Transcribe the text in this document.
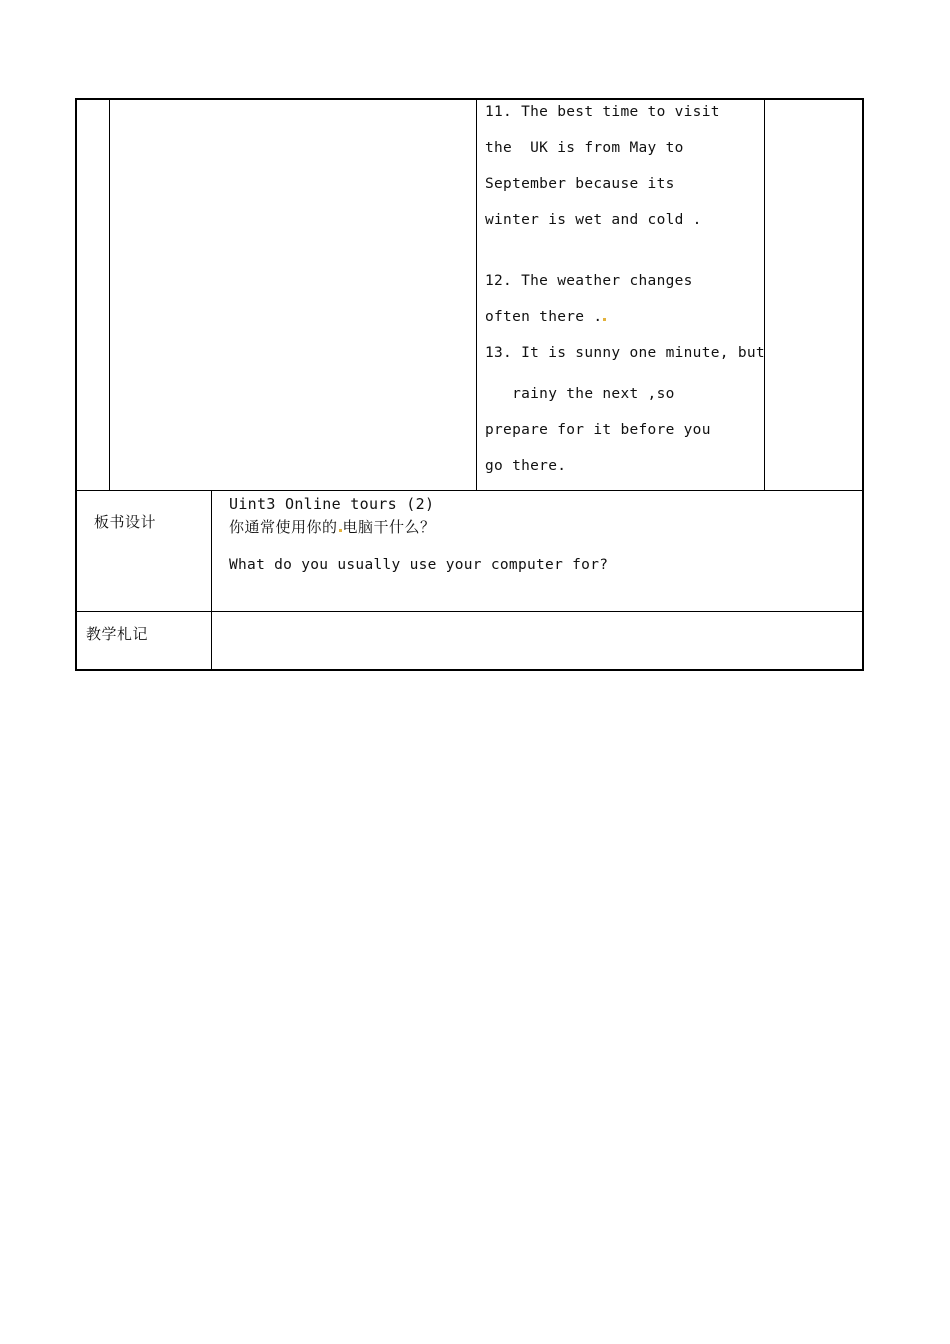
11. The best time to visit
the  UK is from May to
September because its
winter is wet and cold .
12. The weather changes
often there .
13. It is sunny one minute, but
rainy the next ,so
prepare for it before you
go there.
板书设计
Uint3 Online tours (2)
你通常使用你的 电脑干什么？
What do you usually use your computer for?
教学札记
